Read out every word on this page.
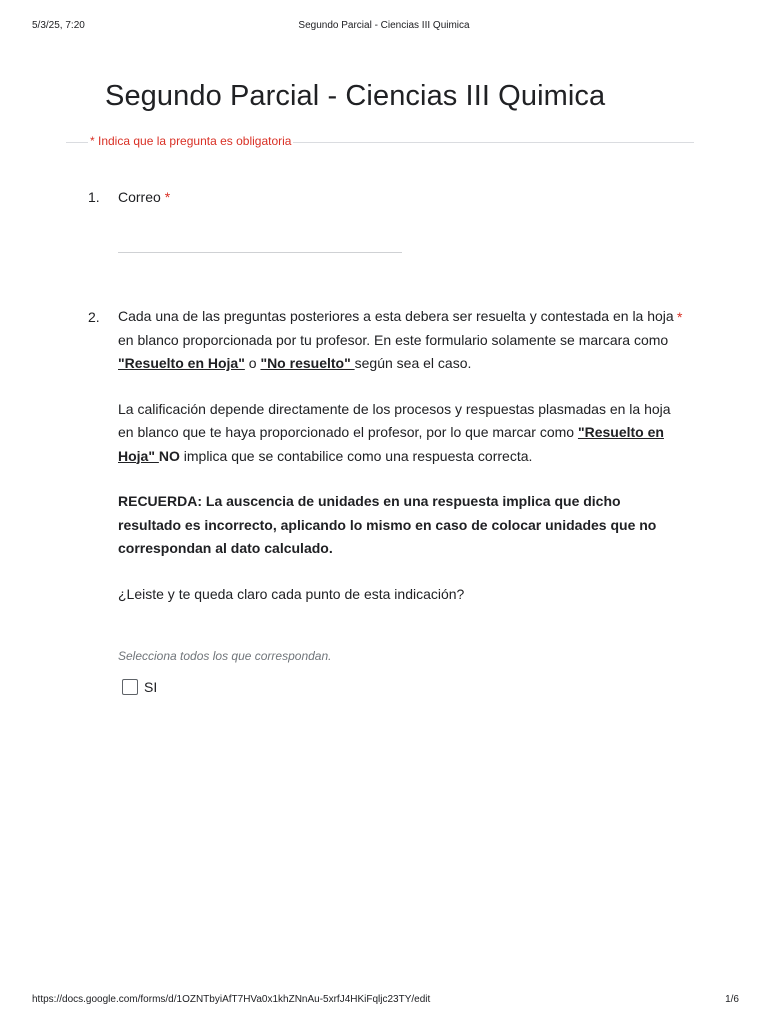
5/3/25, 7:20	Segundo Parcial - Ciencias III Quimica
Segundo Parcial - Ciencias III Quimica
* Indica que la pregunta es obligatoria
1. Correo *
2.	*

Cada una de las preguntas posteriores a esta debera ser resuelta y contestada en la hoja en blanco proporcionada por tu profesor. En este formulario solamente se marcara como "Resuelto en Hoja" o "No resuelto" según sea el caso.

La calificación depende directamente de los procesos y respuestas plasmadas en la hoja en blanco que te haya proporcionado el profesor, por lo que marcar como "Resuelto en Hoja" NO implica que se contabilice como una respuesta correcta.

RECUERDA: La auscencia de unidades en una respuesta implica que dicho resultado es incorrecto, aplicando lo mismo en caso de colocar unidades que no correspondan al dato calculado.

¿Leiste y te queda claro cada punto de esta indicación?

Selecciona todos los que correspondan.
SI
https://docs.google.com/forms/d/1OZNTbyiAfT7HVa0x1khZNnAu-5xrfJ4HKiFqljc23TY/edit	1/6
